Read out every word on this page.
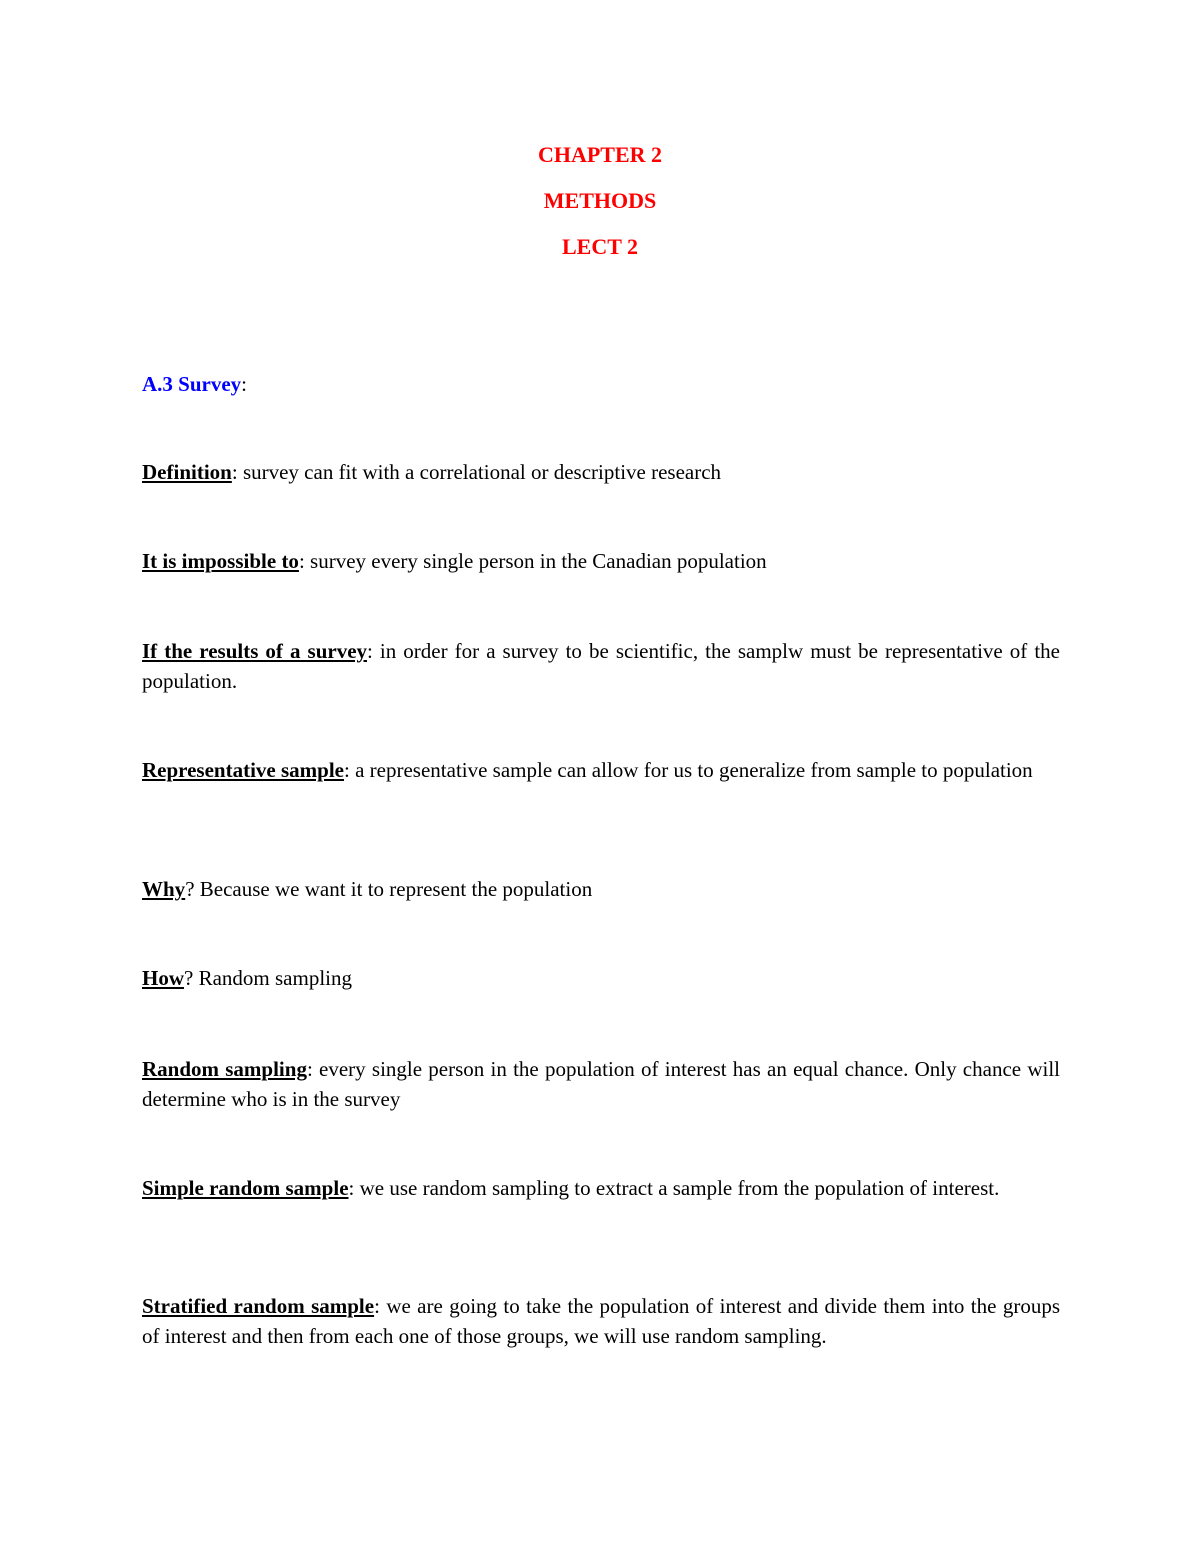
CHAPTER 2
METHODS
LECT 2
A.3 Survey:
Definition: survey can fit with a correlational or descriptive research
It is impossible to: survey every single person in the Canadian population
If the results of a survey: in order for a survey to be scientific, the samplw must be representative of the population.
Representative sample: a representative sample can allow for us to generalize from sample to population
Why? Because we want it to represent the population
How? Random sampling
Random sampling: every single person in the population of interest has an equal chance. Only chance will determine who is in the survey
Simple random sample: we use random sampling to extract a sample from the population of interest.
Stratified random sample: we are going to take the population of interest and divide them into the groups of interest and then from each one of those groups, we will use random sampling.
